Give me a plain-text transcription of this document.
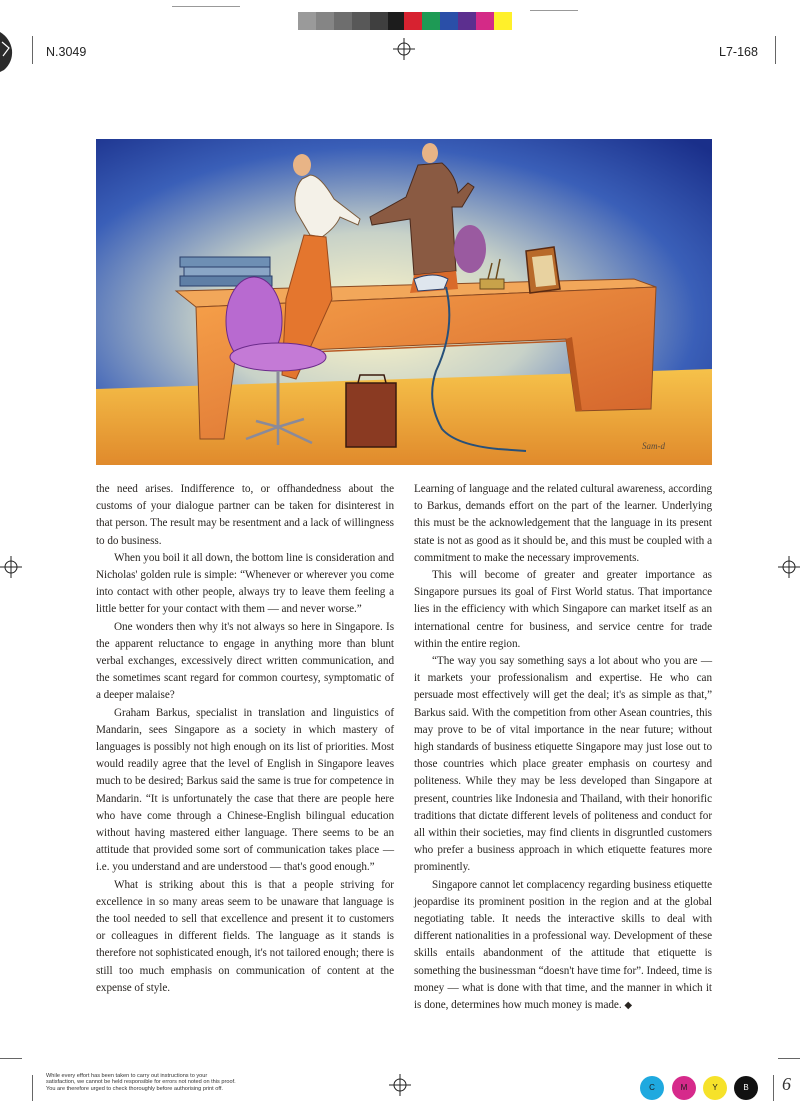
N.3049	L7-168
Sam-d

the need arises. Indifference to, or offhandedness about the customs of your dialogue partner can be taken for disinterest in that person. The result may be resentment and a lack of willingness to do business.

When you boil it all down, the bottom line is consideration and Nicholas' golden rule is simple: “Whenever or wherever you come into contact with other people, always try to leave them feeling a little better for your contact with them — and never worse.”

One wonders then why it's not always so here in Singapore. Is the apparent reluctance to engage in anything more than blunt verbal exchanges, excessively direct written communication, and the sometimes scant regard for common courtesy, symptomatic of a deeper malaise?

Graham Barkus, specialist in translation and linguistics of Mandarin, sees Singapore as a society in which mastery of languages is possibly not high enough on its list of priorities. Most would readily agree that the level of English in Singapore leaves much to be desired; Barkus said the same is true for competence in Mandarin. “It is unfortunately the case that there are people here who have come through a Chinese-English bilingual education without having mastered either language. There seems to be an attitude that provided some sort of communication takes place — i.e. you understand and are understood — that's good enough.”

What is striking about this is that a people striving for excellence in so many areas seem to be unaware that language is the tool needed to sell that excellence and present it to customers or colleagues in different fields. The language as it stands is therefore not sophisticated enough, it's not tailored enough; there is still too much emphasis on communication of content at the expense of style.

Learning of language and the related cultural awareness, according to Barkus, demands effort on the part of the learner. Underlying this must be the acknowledgement that the language in its present state is not as good as it should be, and this must be coupled with a commitment to make the necessary improvements.

This will become of greater and greater importance as Singapore pursues its goal of First World status. That importance lies in the efficiency with which Singapore can market itself as an international centre for business, and service centre for trade within the entire region.

“The way you say something says a lot about who you are — it markets your professionalism and expertise. He who can persuade most effectively will get the deal; it's as simple as that,” Barkus said. With the competition from other Asean countries, this may prove to be of vital importance in the near future; without high standards of business etiquette Singapore may just lose out to those countries which place greater emphasis on courtesy and politeness. While they may be less developed than Singapore at present, countries like Indonesia and Thailand, with their honorific traditions that dictate different levels of politeness and conduct for all within their societies, may find clients in disgruntled customers who prefer a business approach in which etiquette features more prominently.

Singapore cannot let complacency regarding business etiquette jeopardise its prominent position in the region and at the global negotiating table. It needs the interactive skills to deal with different nationalities in a professional way. Development of these skills entails abandonment of the attitude that etiquette is something the businessman “doesn't have time for”. Indeed, time is money — what is done with that time, and the manner in which it is done, determines how much money is made. ◆

While every effort has been taken to carry out instructions to your satisfaction, we cannot be held responsible for errors not noted on this proof. You are therefore urged to check thoroughly before authorising print off.	C	M	Y	B	6
